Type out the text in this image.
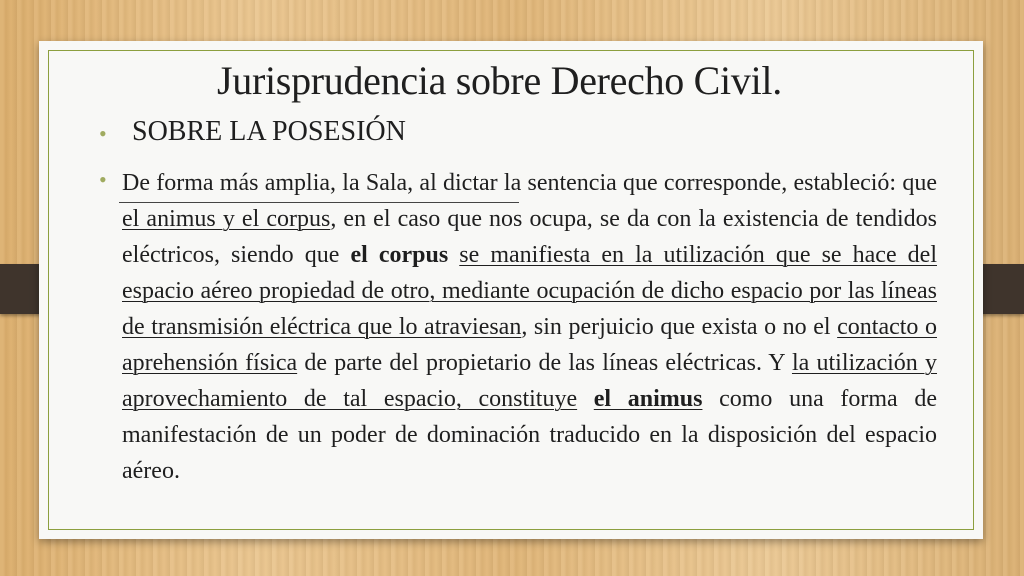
Jurisprudencia sobre Derecho Civil.
• SOBRE LA POSESIÓN
• De forma más amplia, la Sala, al dictar la sentencia que corresponde, estableció: que el animus y el corpus, en el caso que nos ocupa, se da con la existencia de tendidos eléctricos, siendo que el corpus se manifiesta en la utilización que se hace del espacio aéreo propiedad de otro, mediante ocupación de dicho espacio por las líneas de transmisión eléctrica que lo atraviesan, sin perjuicio que exista o no el contacto o aprehensión física de parte del propietario de las líneas eléctricas. Y la utilización y aprovechamiento de tal espacio, constituye el animus como una forma de manifestación de un poder de dominación traducido en la disposición del espacio aéreo.
